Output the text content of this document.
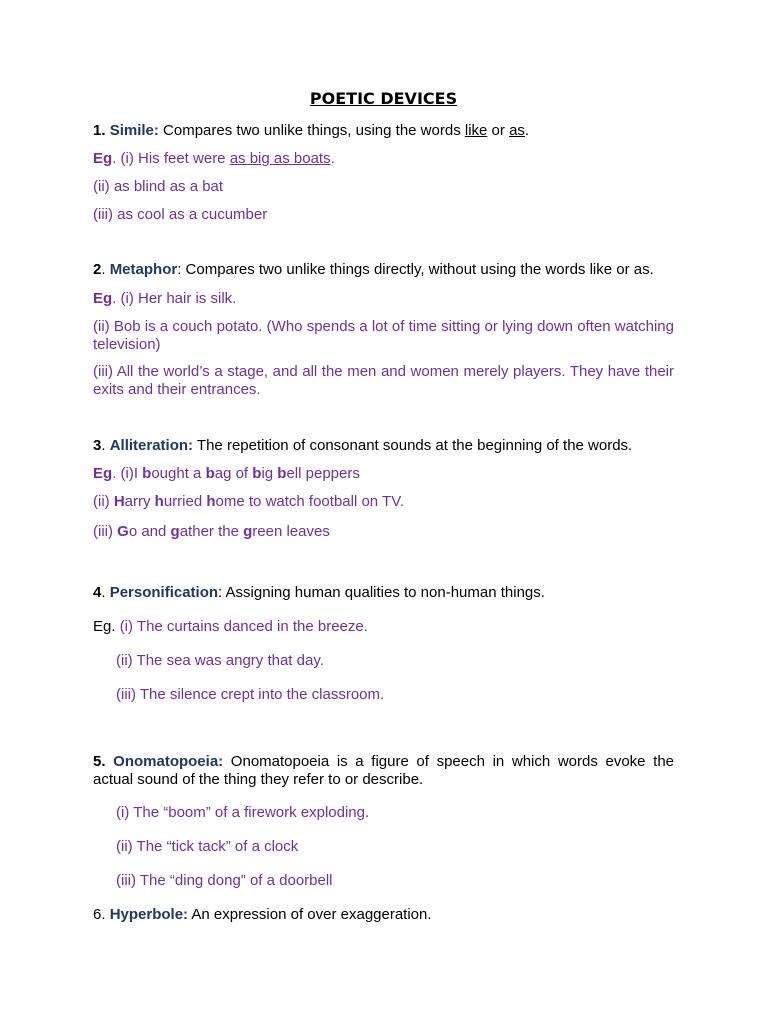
POETIC DEVICES
1. Simile: Compares two unlike things, using the words like or as.
Eg. (i) His feet were as big as boats.
(ii) as blind as a bat
(iii) as cool as a cucumber
2. Metaphor: Compares two unlike things directly, without using the words like or as.
Eg. (i) Her hair is silk.
(ii) Bob is a couch potato. (Who spends a lot of time sitting or lying down often watching television)
(iii) All the world’s a stage, and all the men and women merely players. They have their exits and their entrances.
3. Alliteration: The repetition of consonant sounds at the beginning of the words.
Eg. (i)I bought a bag of big bell peppers
(ii) Harry hurried home to watch football on TV.
(iii) Go and gather the green leaves
4. Personification: Assigning human qualities to non-human things.
Eg. (i) The curtains danced in the breeze.
(ii) The sea was angry that day.
(iii) The silence crept into the classroom.
5. Onomatopoeia: Onomatopoeia is a figure of speech in which words evoke the actual sound of the thing they refer to or describe.
(i) The “boom” of a firework exploding.
(ii) The “tick tack” of a clock
(iii) The “ding dong” of a doorbell
6. Hyperbole: An expression of over exaggeration.
